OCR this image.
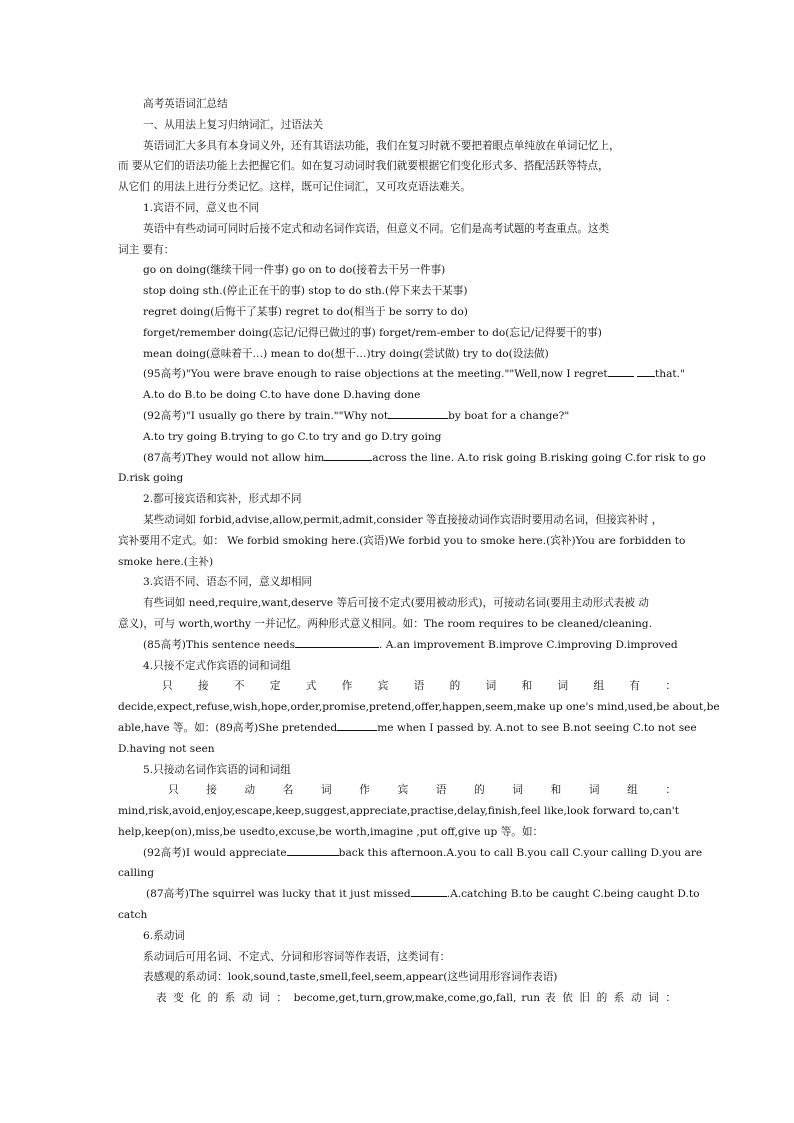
高考英语词汇总结
一、从用法上复习归纳词汇，过语法关
英语词汇大多具有本身词义外，还有其语法功能，我们在复习时就不要把着眼点单纯放在单词记忆上，
而 要从它们的语法功能上去把握它们。如在复习动词时我们就要根据它们变化形式多、搭配活跃等特点，
从它们 的用法上进行分类记忆。这样，既可记住词汇，又可攻克语法难关。
1.宾语不同，意义也不同
英语中有些动词可同时后接不定式和动名词作宾语，但意义不同。它们是高考试题的考查重点。这类
词主 要有：
go on doing(继续干同一件事) go on to do(接着去干另一件事)
stop doing sth.(停止正在干的事) stop to do sth.(停下来去干某事)
regret doing(后悔干了某事) regret to do(相当于 be sorry to do)
forget/remember doing(忘记/记得已做过的事) forget/rem-ember to do(忘记/记得要干的事)
mean doing(意味着干…) mean to do(想干…)try doing(尝试做) try to do(设法做)
(95高考)"You were brave enough to raise objections at the meeting.""Well,now I regret	that."
A.to do B.to be doing C.to have done D.having done
(92高考)"I usually go there by train.""Why not	by boat for a change?"
A.to try going B.trying to go C.to try and go D.try going
(87高考)They would not allow him	across the line. A.to risk going B.risking going C.for risk to go
D.risk going
2.都可接宾语和宾补，形式却不同
某些动词如 forbid,advise,allow,permit,admit,consider 等直接接动词作宾语时要用动名词，但接宾补时 ，
宾补要用不定式。如： We forbid smoking here.(宾语)We forbid you to smoke here.(宾补)You are forbidden to
smoke here.(主补)
3.宾语不同、语态不同，意义却相同
有些词如 need,require,want,deserve 等后可接不定式(要用被动形式)，可接动名词(要用主动形式表被 动
意义)，可与 worth,worthy 一并记忆。两种形式意义相同。如：The room requires to be cleaned/cleaning.
(85高考)This sentence needs	. A.an improvement B.improve C.improving D.improved
4.只接不定式作宾语的词和词组
只 接 不 定 式 作 宾 语 的 词 和 词 组 有 ：
decide,expect,refuse,wish,hope,order,promise,pretend,offer,happen,seem,make up one's mind,used,be about,be
able,have 等。如：(89高考)She pretended	me when I passed by. A.not to see B.not seeing C.to not see
D.having not seen
5.只接动名词作宾语的词和词组
只 接 动 名 词 作 宾 语 的 词 和 词 组 ：
mind,risk,avoid,enjoy,escape,keep,suggest,appreciate,practise,delay,finish,feel like,look forward to,can't
help,keep(on),miss,be usedto,excuse,be worth,imagine ,put off,give up 等。如：
(92高考)I would appreciate	back this afternoon.A.you to call B.you call C.your calling D.you are
calling
(87高考)The squirrel was lucky that it just missed	.A.catching B.to be caught C.being caught D.to
catch
6.系动词
系动词后可用名词、不定式、分词和形容词等作表语，这类词有：
表感观的系动词：look,sound,taste,smell,feel,seem,appear(这些词用形容词作表语)
表 变 化 的 系 动 词 ： become,get,turn,grow,make,come,go,fall, run 表 依 旧 的 系 动 词 ：
